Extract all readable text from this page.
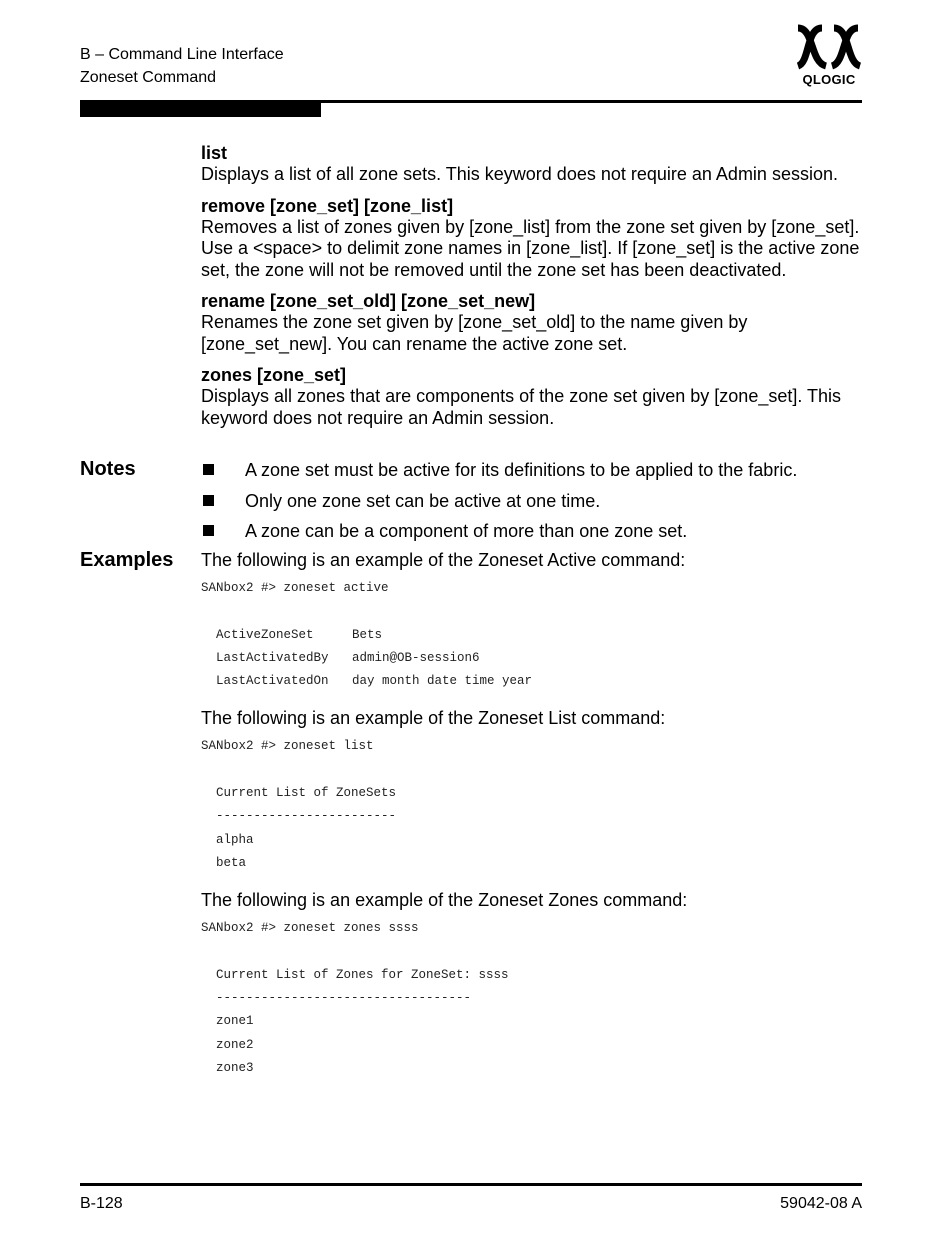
B – Command Line Interface
Zoneset Command	QLOGIC

list

Displays a list of all zone sets. This keyword does not require an Admin session.

remove [zone_set] [zone_list]

Removes a list of zones given by [zone_list] from the zone set given by [zone_set]. Use a <space> to delimit zone names in [zone_list]. If [zone_set] is the active zone set, the zone will not be removed until the zone set has been deactivated.

rename [zone_set_old] [zone_set_new]

Renames the zone set given by [zone_set_old] to the name given by [zone_set_new]. You can rename the active zone set.

zones [zone_set]

Displays all zones that are components of the zone set given by [zone_set]. This keyword does not require an Admin session.

Notes	A zone set must be active for its definitions to be applied to the fabric.
Only one zone set can be active at one time.
A zone can be a component of more than one zone set.
Examples The following is an example of the Zoneset Active command:

SANbox2 #> zoneset active
ActiveZoneSet	Bets
LastActivatedBy admin@OB-session6
LastActivatedOn day month date time year

The following is an example of the Zoneset List command:

SANbox2 #> zoneset list
Current List of ZoneSets
------------------------
alpha
beta

The following is an example of the Zoneset Zones command:

SANbox2 #> zoneset zones ssss
Current List of Zones for ZoneSet: ssss
----------------------------------
zone1
zone2
zone3
B-128	59042-08 A
